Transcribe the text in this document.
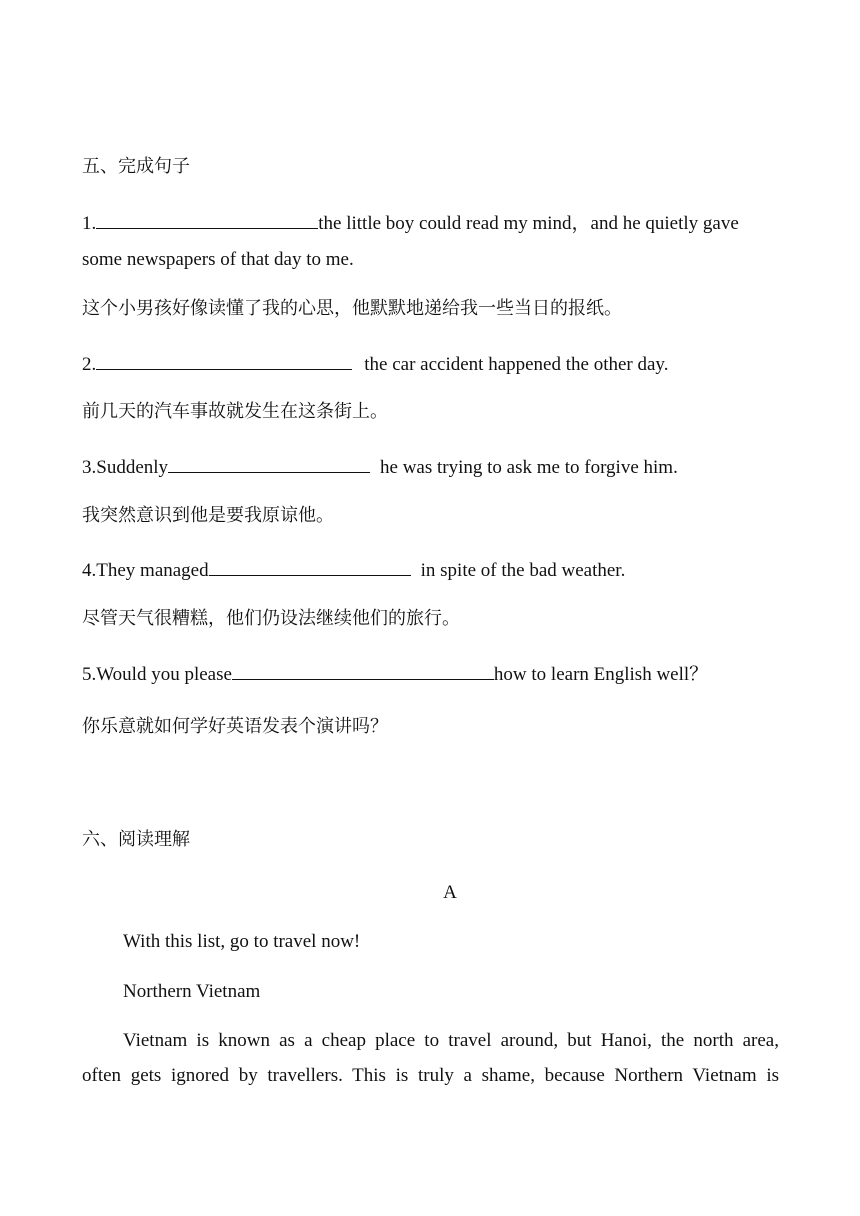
五、完成句子
1.	the little boy could read my mind，and he quietly gave
some newspapers of that day to me.
这个小男孩好像读懂了我的心思，他默默地递给我一些当日的报纸。
2.	the car accident happened the other day.
前几天的汽车事故就发生在这条街上。
3.Suddenly	he was trying to ask me to forgive him.
我突然意识到他是要我原谅他。
4.They managed	in spite of the bad weather.
尽管天气很糟糕，他们仍设法继续他们的旅行。
5.Would you please	how to learn English well？
你乐意就如何学好英语发表个演讲吗？
六、阅读理解
A
With this list, go to travel now!
Northern Vietnam
Vietnam is known as a cheap place to travel around, but Hanoi, the north area,
often gets ignored by travellers. This is truly a shame, because Northern Vietnam is
